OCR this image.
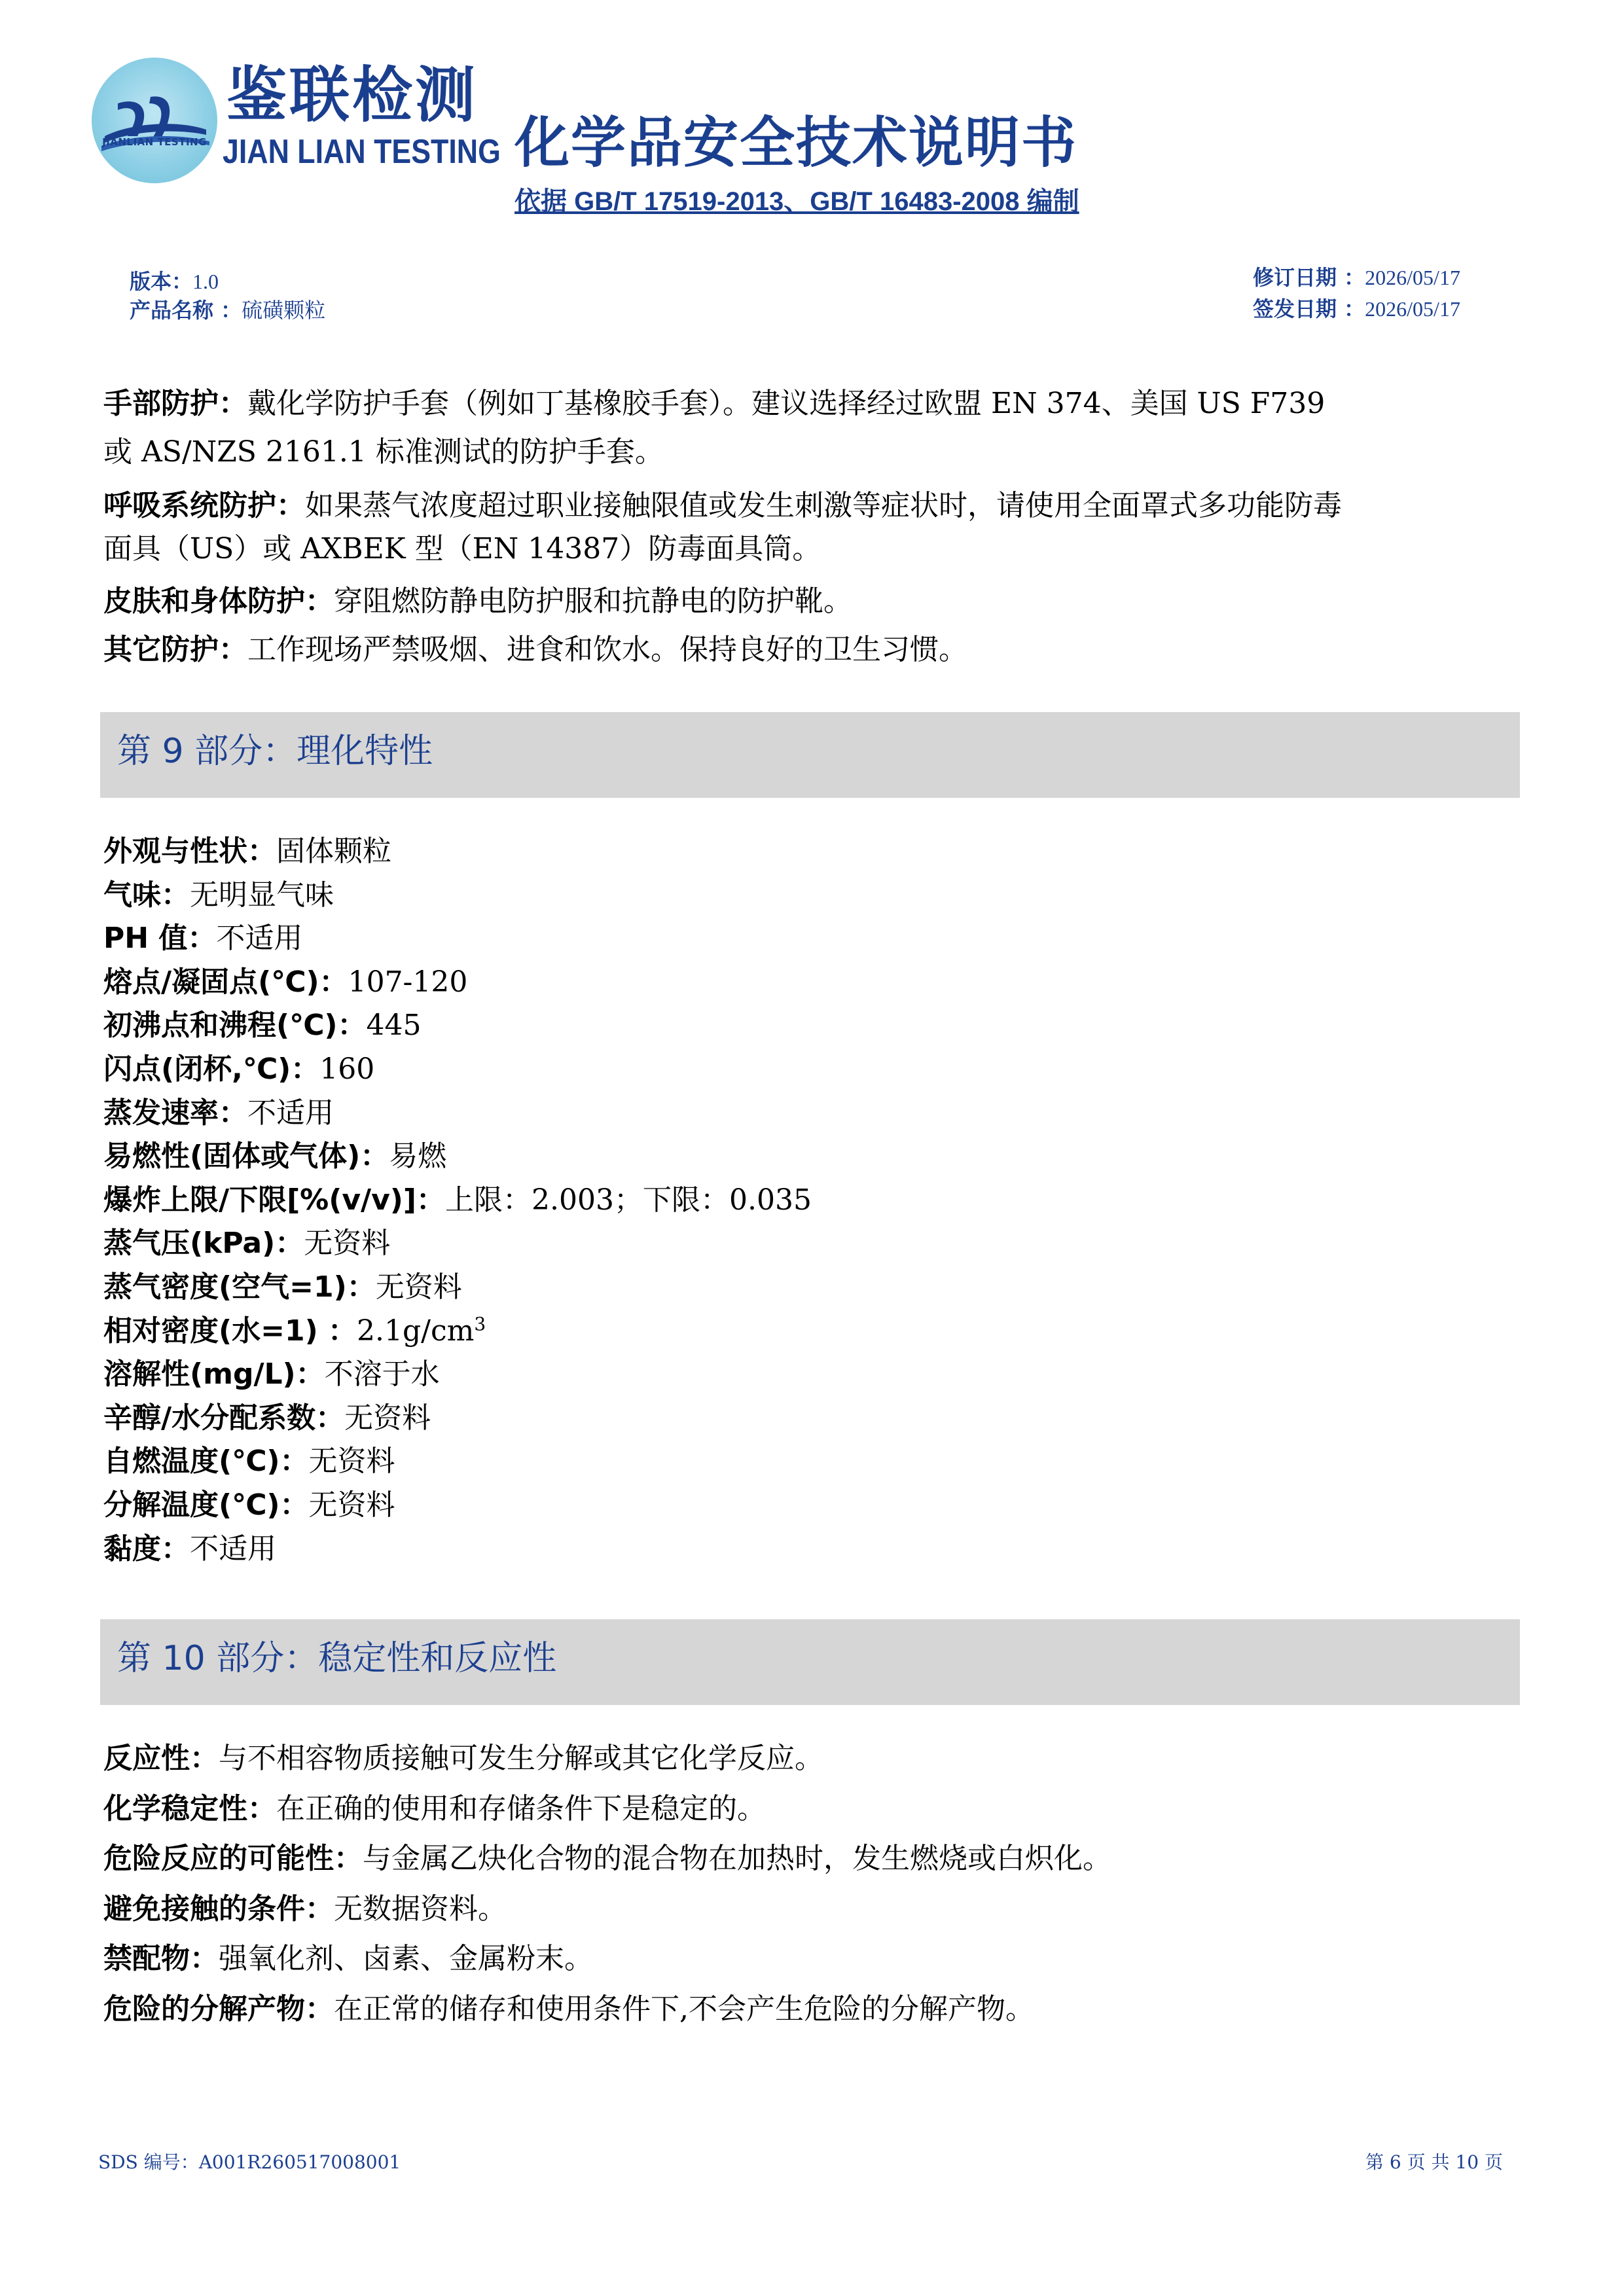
JIANLIAN TESTING
鉴联检测
JIAN LIAN TESTING 化学品安全技术说明书
依据 GB/T 17519-2013、GB/T 16483-2008 编制
版本：1.0
产品名称 ：硫磺颗粒
修订日期 ：2026/05/17
签发日期 ：2026/05/17
手部防护：戴化学防护手套（例如丁基橡胶手套）。建议选择经过欧盟 EN 374、美国 US F739
或 AS/NZS 2161.1 标准测试的防护手套。
呼吸系统防护：如果蒸气浓度超过职业接触限值或发生刺激等症状时，请使用全面罩式多功能防毒
面具（US）或 AXBEK 型（EN 14387）防毒面具筒。
皮肤和身体防护：穿阻燃防静电防护服和抗静电的防护靴。
其它防护：工作现场严禁吸烟、进食和饮水。保持良好的卫生习惯。
第 9 部分：理化特性
外观与性状：固体颗粒
气味：无明显气味
PH 值：不适用
熔点/凝固点(℃)：107-120
初沸点和沸程(℃)：445
闪点(闭杯,℃)：160
蒸发速率：不适用
易燃性(固体或气体)：易燃
爆炸上限/下限[%(v/v)]：上限：2.003；下限：0.035
蒸气压(kPa)：无资料
蒸气密度(空气=1)：无资料
相对密度(水=1) ：$2.1g/cm^3$
溶解性(mg/L)：不溶于水
辛醇/水分配系数：无资料
自燃温度(℃)：无资料
分解温度(℃)：无资料
黏度：不适用
第 10 部分：稳定性和反应性
反应性：与不相容物质接触可发生分解或其它化学反应。
化学稳定性：在正确的使用和存储条件下是稳定的。
危险反应的可能性：与金属乙炔化合物的混合物在加热时，发生燃烧或白炽化。
避免接触的条件：无数据资料。
禁配物：强氧化剂、卤素、金属粉末。
危险的分解产物：在正常的储存和使用条件下,不会产生危险的分解产物。
SDS 编号：A001R260517008001	第 6 页 共 10 页
